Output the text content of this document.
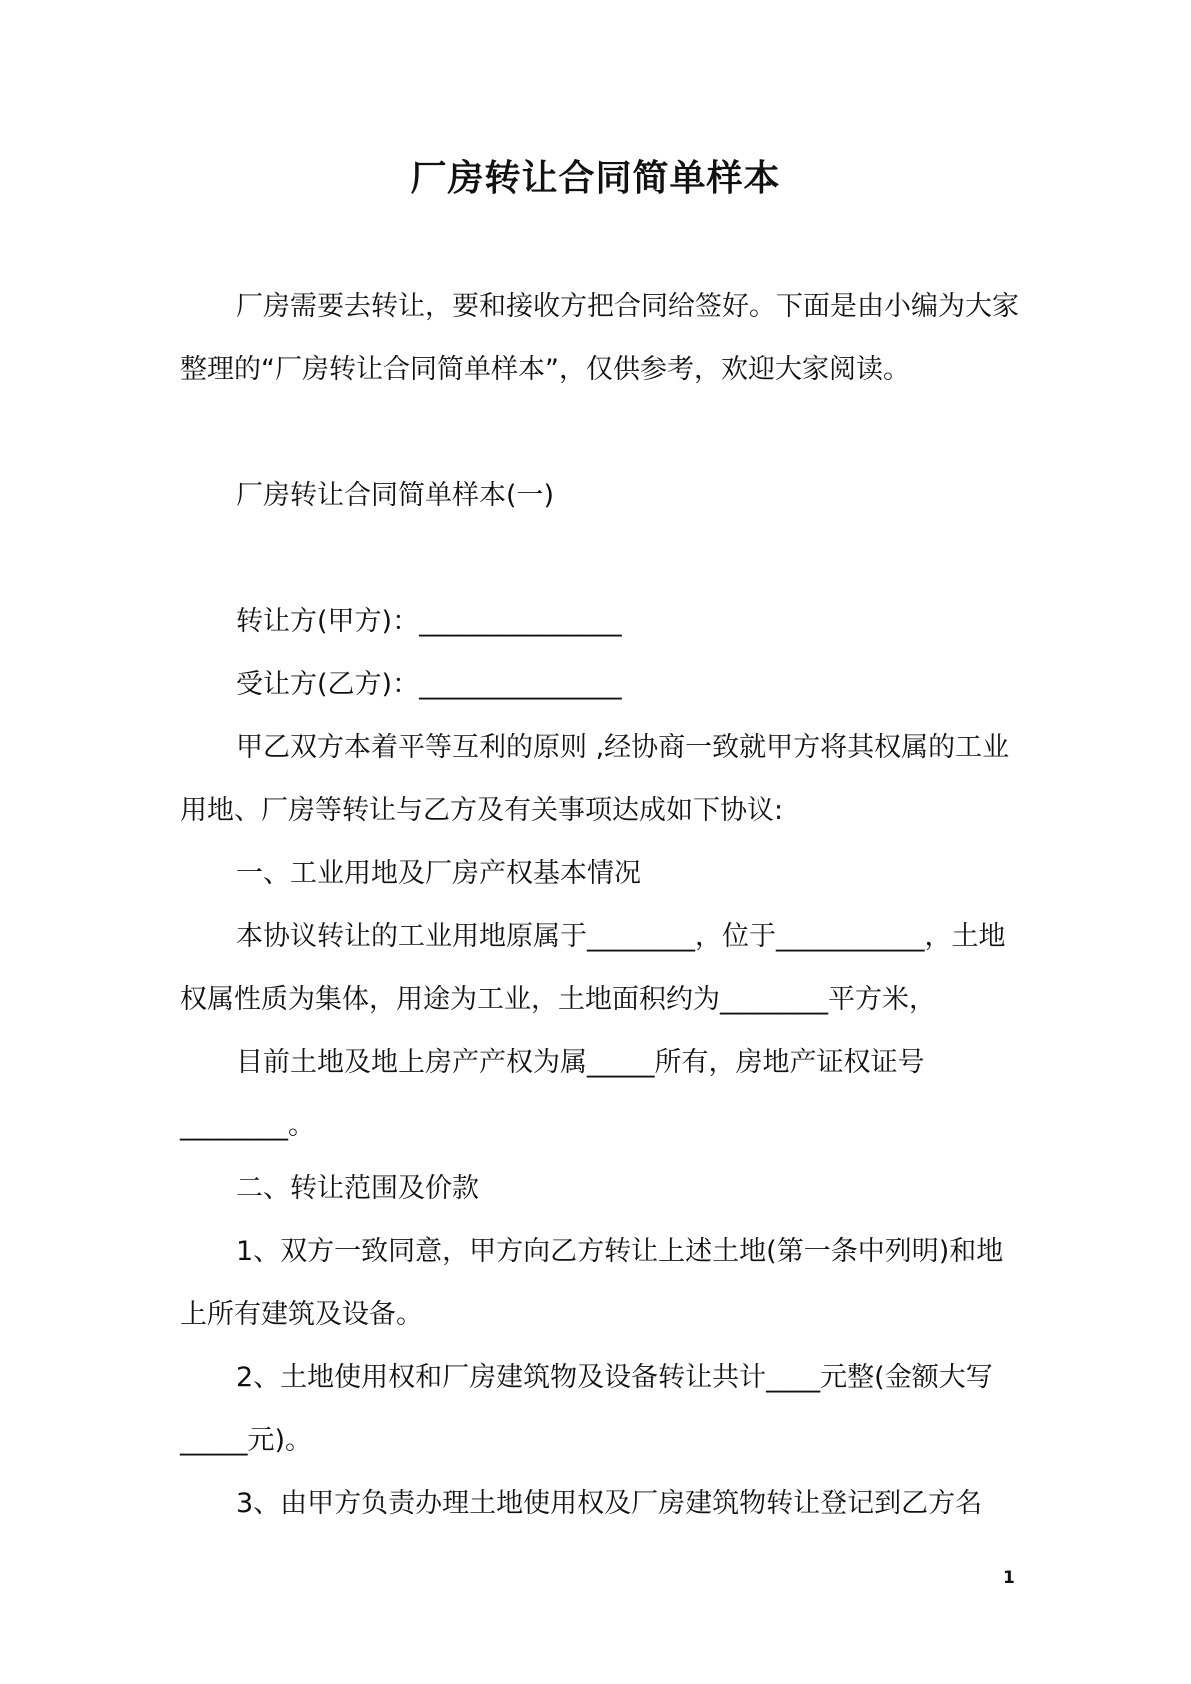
厂房转让合同简单样本

厂房需要去转让，要和接收方把合同给签好。下面是由小编为大家整理的“厂房转让合同简单样本”，仅供参考，欢迎大家阅读。

厂房转让合同简单样本(一)

转让方(甲方)：_______________

受让方(乙方)：_______________

甲乙双方本着平等互利的原则 ,经协商一致就甲方将其权属的工业用地、厂房等转让与乙方及有关事项达成如下协议:

一、工业用地及厂房产权基本情况

本协议转让的工业用地原属于________，位于___________，土地权属性质为集体，用途为工业，土地面积约为________平方米，

目前土地及地上房产产权为属_____所有，房地产证权证号________。

二、转让范围及价款

1、双方一致同意，甲方向乙方转让上述土地(第一条中列明)和地上所有建筑及设备。

2、土地使用权和厂房建筑物及设备转让共计____元整(金额大写_____元)。

3、由甲方负责办理土地使用权及厂房建筑物转让登记到乙方名

1
